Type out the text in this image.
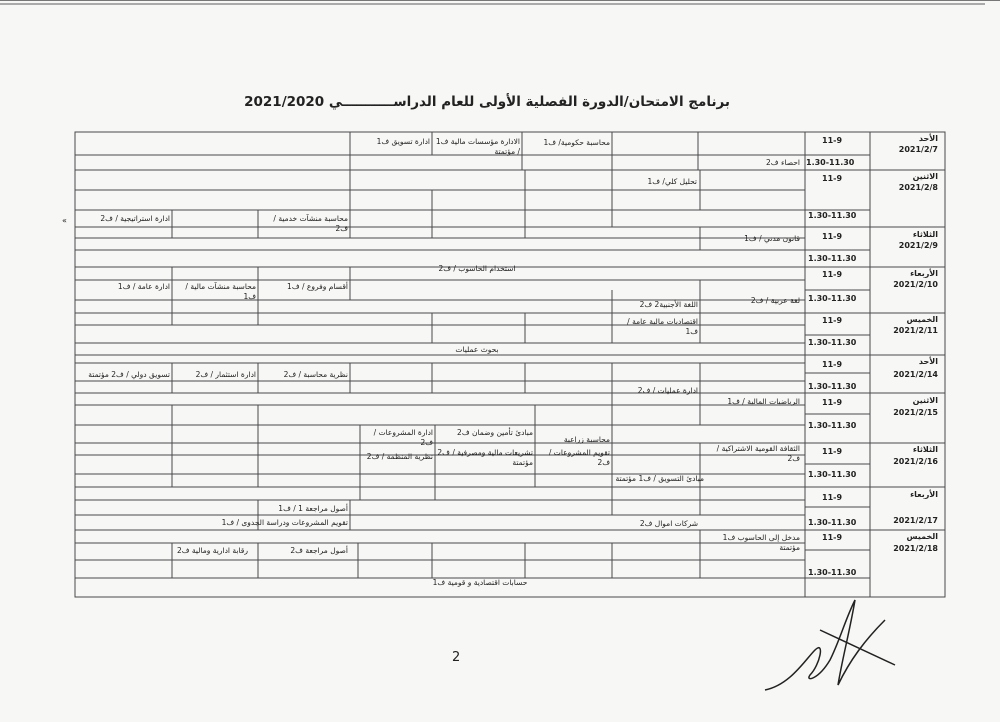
برنامج الامتحان/الدورة الفصلية الأولى للعام الدراســـــــــــي 2021/2020
الأحد
2021/2/7
الاثنين
2021/2/8
الثلاثاء
2021/2/9
الأربعاء
2021/2/10
الخميس
2021/2/11
الأحد
2021/2/14
الاثنين
2021/2/15
الثلاثاء
2021/2/16
الأربعاء
2021/2/17
الخميس
2021/2/18
11-9
1.30-11.30
11-9
1.30-11.30
11-9
1.30-11.30
11-9
1.30-11.30
11-9
1.30-11.30
11-9
1.30-11.30
11-9
1.30-11.30
11-9
1.30-11.30
11-9
1.30-11.30
11-9
1.30-11.30
محاسبة حكومية/ ف1
الادارة مؤسسات مالية ف1 / مؤتمتة
ادارة تسويق ف1
احصاء ف2
تحليل كلي/ ف1
محاسبة منشآت خدمية / ف2
ادارة استراتيجية / ف2
قانون مدني / ف1
استخدام الحاسوب / ف2
أقسام وفروع / ف1
محاسبة منشآت مالية / ف1
ادارة عامة / ف1
لغة عربية / ف2
اللغة الأجنبية2 ف2
اقتصاديات مالية عامة / ف1
بحوث عمليات
نظرية محاسبة / ف2
ادارة استثمار / ف2
تسويق دولي / ف2 مؤتمتة
ادارة عمليات / ف2
الرياضيات المالية / ف1
محاسبة زراعية
مبادئ تأمين وضمان ف2
ادارة المشروعات / ف2
الثقافة القومية الاشتراكية / ف2
تقويم المشروعات / ف2
تشريعات مالية ومصرفية / ف2 مؤتمتة
نظرية المنظمة / ف2
مبادئ التسويق / ف1 مؤتمتة
أصول مراجعة 1 / ف1
تقويم المشروعات ودراسة الجدوى / ف1	شركات اموال ف2
مدخل إلى الحاسوب ف1 مؤتمتة
أصول مراجعة ف2
رقابة ادارية ومالية ف2
حسابات اقتصادية و قومية ف1
«
2
